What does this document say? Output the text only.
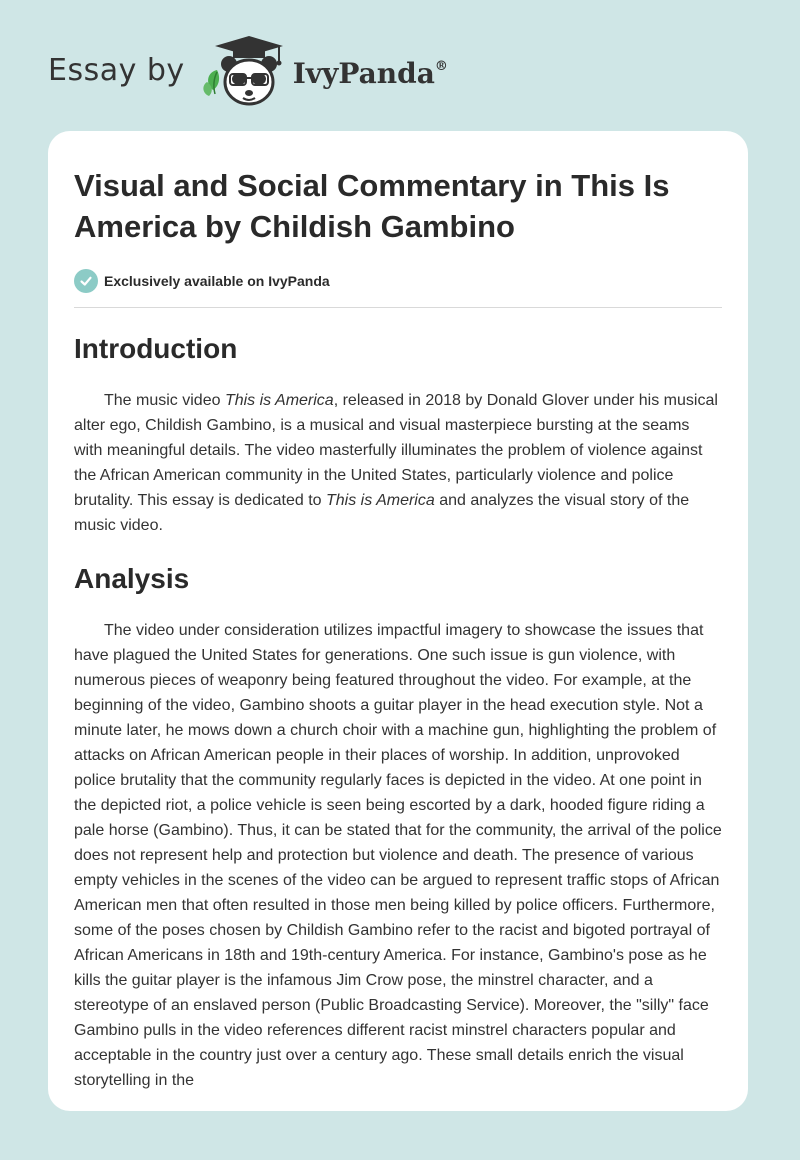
Essay by	IvyPanda®
Visual and Social Commentary in This Is America by Childish Gambino
Exclusively available on IvyPanda
Introduction

The music video This is America, released in 2018 by Donald Glover under his musical alter ego, Childish Gambino, is a musical and visual masterpiece bursting at the seams with meaningful details. The video masterfully illuminates the problem of violence against the African American community in the United States, particularly violence and police brutality. This essay is dedicated to This is America and analyzes the visual story of the music video.

Analysis

The video under consideration utilizes impactful imagery to showcase the issues that have plagued the United States for generations. One such issue is gun violence, with numerous pieces of weaponry being featured throughout the video. For example, at the beginning of the video, Gambino shoots a guitar player in the head execution style. Not a minute later, he mows down a church choir with a machine gun, highlighting the problem of attacks on African American people in their places of worship. In addition, unprovoked police brutality that the community regularly faces is depicted in the video. At one point in the depicted riot, a police vehicle is seen being escorted by a dark, hooded figure riding a pale horse (Gambino). Thus, it can be stated that for the community, the arrival of the police does not represent help and protection but violence and death. The presence of various empty vehicles in the scenes of the video can be argued to represent traffic stops of African American men that often resulted in those men being killed by police officers. Furthermore, some of the poses chosen by Childish Gambino refer to the racist and bigoted portrayal of African Americans in 18th and 19th-century America. For instance, Gambino's pose as he kills the guitar player is the infamous Jim Crow pose, the minstrel character, and a stereotype of an enslaved person (Public Broadcasting Service). Moreover, the "silly" face Gambino pulls in the video references different racist minstrel characters popular and acceptable in the country just over a century ago. These small details enrich the visual storytelling in the
